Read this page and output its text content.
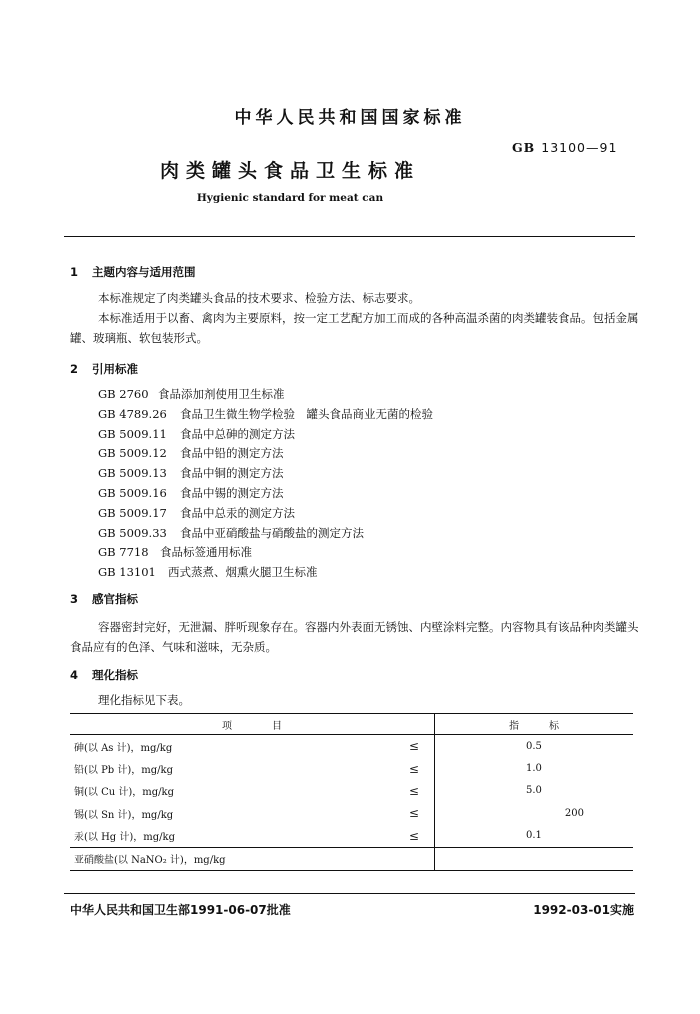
中华人民共和国国家标准
GB 13100—91
肉类罐头食品卫生标准
Hygienic standard for meat can
1 主题内容与适用范围

本标准规定了肉类罐头食品的技术要求、检验方法、标志要求。

本标准适用于以畜、禽肉为主要原料，按一定工艺配方加工而成的各种高温杀菌的肉类罐装食品。包括金属罐、玻璃瓶、软包装形式。

2 引用标准
GB 2760 食品添加剂使用卫生标准
GB 4789.26 食品卫生微生物学检验　罐头食品商业无菌的检验
GB 5009.11 食品中总砷的测定方法
GB 5009.12 食品中铅的测定方法
GB 5009.13 食品中铜的测定方法
GB 5009.16 食品中锡的测定方法
GB 5009.17 食品中总汞的测定方法
GB 5009.33 食品中亚硝酸盐与硝酸盐的测定方法
GB 7718 食品标签通用标准
GB 13101 西式蒸煮、烟熏火腿卫生标准
3 感官指标

容器密封完好，无泄漏、胖听现象存在。容器内外表面无锈蚀、内壁涂料完整。内容物具有该品种肉类罐头食品应有的色泽、气味和滋味，无杂质。

4 理化指标

理化指标见下表。

项　　　　目		指　　　标
砷(以 As 计)，mg/kg	≤	0.5
铅(以 Pb 计)，mg/kg	≤	1.0
铜(以 Cu 计)，mg/kg	≤	5.0
锡(以 Sn 计)，mg/kg	≤	200
汞(以 Hg 计)，mg/kg	≤	0.1
亚硝酸盐(以 NaNO₂ 计)，mg/kg		
中华人民共和国卫生部1991-06-07批准	1992-03-01实施
